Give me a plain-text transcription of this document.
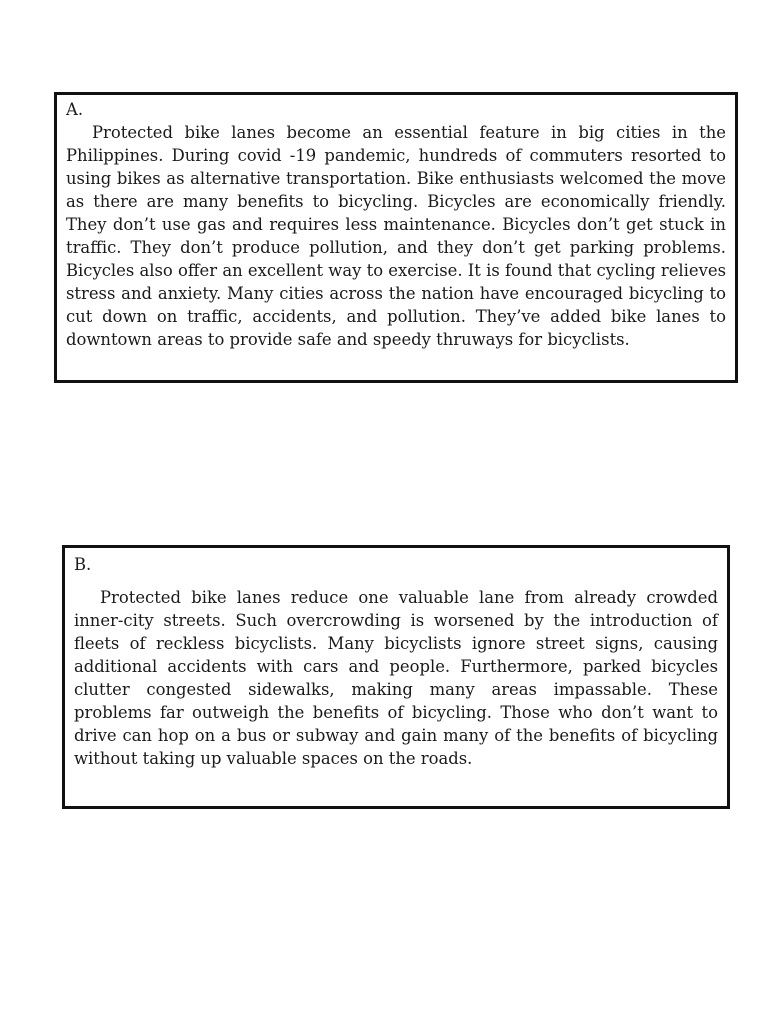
A.

Protected bike lanes become an essential feature in big cities in the Philippines. During covid -19 pandemic, hundreds of commuters resorted to using bikes as alternative transportation. Bike enthusiasts welcomed the move as there are many benefits to bicycling. Bicycles are economically friendly. They don’t use gas and requires less maintenance. Bicycles don’t get stuck in traffic. They don’t produce pollution, and they don’t get parking problems. Bicycles also offer an excellent way to exercise. It is found that cycling relieves stress and anxiety. Many cities across the nation have encouraged bicycling to cut down on traffic, accidents, and pollution. They’ve added bike lanes to downtown areas to provide safe and speedy thruways for bicyclists.

B.

Protected bike lanes reduce one valuable lane from already crowded inner-city streets. Such overcrowding is worsened by the introduction of fleets of reckless bicyclists. Many bicyclists ignore street signs, causing additional accidents with cars and people. Furthermore, parked bicycles clutter congested sidewalks, making many areas impassable. These problems far outweigh the benefits of bicycling. Those who don’t want to drive can hop on a bus or subway and gain many of the benefits of bicycling without taking up valuable spaces on the roads.
